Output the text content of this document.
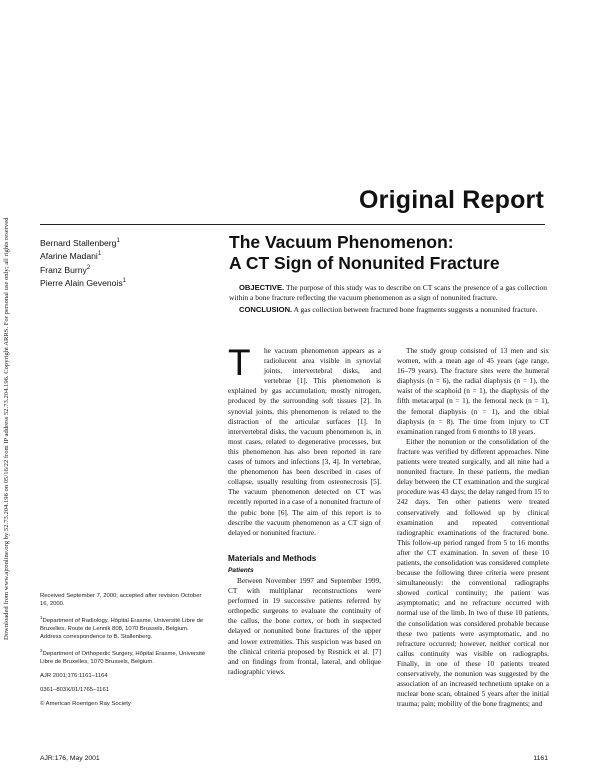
Downloaded from www.ajronline.org by 52.73.204.196 on 05/16/22 from IP address 52.73.204.196. Copyright ARRS. For personal use only; all rights reserved
Original Report
Bernard Stallenberg$^1$
Afarine Madani$^1$
Franz Burny$^2$
Pierre Alain Gevenois$^1$
The Vacuum Phenomenon:
A CT Sign of Nonunited Fracture

OBJECTIVE. The purpose of this study was to describe on CT scans the presence of a gas collection within a bone fracture reflecting the vacuum phenomenon as a sign of nonunited fracture.

CONCLUSION. A gas collection between fractured bone fragments suggests a nonunited fracture.

T	he vacuum phenomenon appears as a radiolucent area visible in synovial joints, intervertebral disks, and vertebrae [1]. This phenomenon is explained by gas accumulation, mostly nitrogen, produced by the surrounding soft tissues [2]. In synovial joints, this phenomenon is related to the distraction of the articular surfaces [1]. In intervertebral disks, the vacuum phenomenon is, in most cases, related to degenerative processes, but this phenomenon has also been reported in rare cases of tumors and infections [3, 4]. In vertebrae, the phenomenon has been described in cases of collapse, usually resulting from osteonecrosis [5]. The vacuum phenomenon detected on CT was recently reported in a case of a nonunited fracture of the pubic bone [6]. The aim of this report is to describe the vacuum phenomenon as a CT sign of delayed or nonunited fracture.

Materials and Methods
Patients

Between November 1997 and September 1999, CT with multiplanar reconstructions were performed in 19 successive patients referred by orthopedic surgeons to evaluate the continuity of the callus, the bone cortex, or both in suspected delayed or nonunited bone fractures of the upper and lower extremities. This suspicion was based on the clinical criteria proposed by Resnick et al. [7] and on findings from frontal, lateral, and oblique radiographic views.

The study group consisted of 13 men and six women, with a mean age of 45 years (age range, 16–79 years). The fracture sites were the humeral diaphysis (n = 6), the radial diaphysis (n = 1), the waist of the scaphoid (n = 1), the diaphysis of the fifth metacarpal (n = 1), the femoral neck (n = 1), the femoral diaphysis (n = 1), and the tibial diaphysis (n = 8). The time from injury to CT examination ranged from 6 months to 18 years.

Either the nonunion or the consolidation of the fracture was verified by different approaches. Nine patients were treated surgically, and all nine had a nonunited fracture. In these patients, the median delay between the CT examination and the surgical procedure was 43 days; the delay ranged from 15 to 242 days. Ten other patients were treated conservatively and followed up by clinical examination and repeated conventional radiographic examinations of the fractured bone. This follow-up period ranged from 5 to 16 months after the CT examination. In seven of these 10 patients, the consolidation was considered complete because the following three criteria were present simultaneously: the conventional radiographs showed cortical continuity; the patient was asymptomatic; and no refracture occurred with normal use of the limb. In two of these 10 patients, the consolidation was considered probable because these two patients were asymptomatic, and no refracture occurred; however, neither cortical nor callus continuity was visible on radiographs. Finally, in one of these 10 patients treated conservatively, the nonunion was suggested by the association of an increased technetium uptake on a nuclear bone scan, obtained 5 years after the initial trauma; pain; mobility of the bone fragments; and

Received September 7, 2000; accepted after revision October 16, 2000.

$^1$Department of Radiology, Hôpital Erasme, Université Libre de Bruxelles, Route de Lennik 808, 1070 Brussels, Belgium. Address correspondence to B. Stallenberg.

$^2$Department of Orthopedic Surgery, Hôpital Erasme, Université Libre de Bruxelles, 1070 Brussels, Belgium.

AJR 2001;176:1161–1164

0361–803X/01/1765–1161

© American Roentgen Ray Society

AJR:176, May 2001	1161
